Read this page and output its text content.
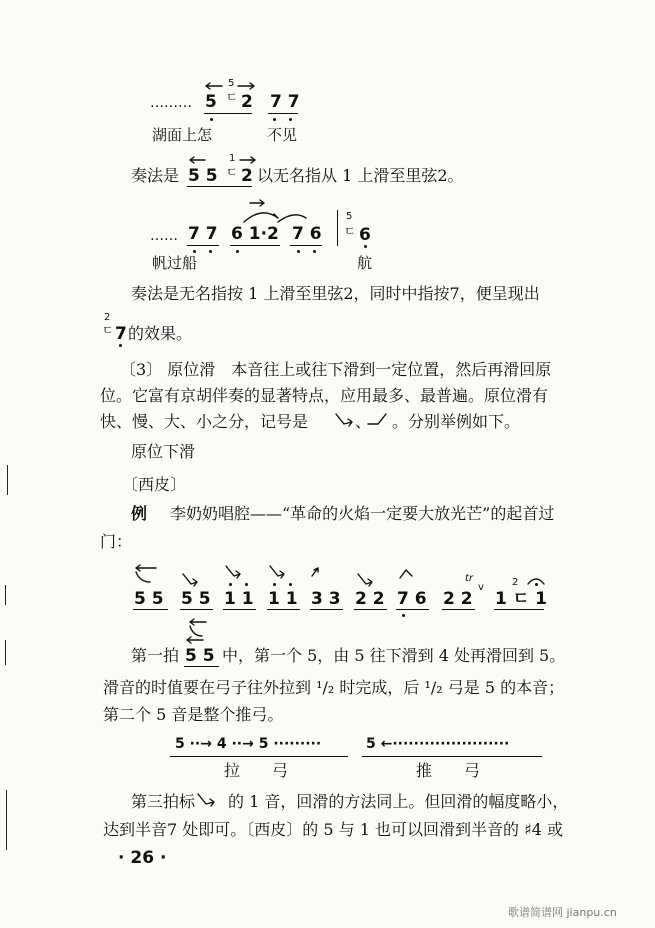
……… 5
5
ㄷ 2 7 7
湖面上怎	不见
奏法是 5 5
1
ㄷ 2 以无名指从 1 上滑至里弦2。
…… 7 7 6 1·2 7 6
5
ㄷ 6
帆过船	航
奏法是无名指按 1 上滑至里弦2，同时中指按7，便呈现出
2
ㄷ 7 的效果。
〔3〕 原位滑　本音往上或往下滑到一定位置，然后再滑回原
位。它富有京胡伴奏的显著特点，应用最多、最普遍。原位滑有
快、慢、大、小之分，记号是	、 。分别举例如下。
原位下滑
〔西皮〕
例 李奶奶唱腔——“革命的火焰一定要大放光芒”的起首过
门：
5 5 5 5 1 1 1 1 3 3 2 2 7 6 2 2 1 ㄷ 1
tr
v	2
第一拍 5 5 中，第一个 5，由 5 往下滑到 4 处再滑回到 5。
滑音的时值要在弓子往外拉到 ¹/₂ 时完成，后 ¹/₂ 弓是 5 的本音；
第二个 5 音是整个推弓。
5 ··→ 4 ··→ 5 ·········
拉　　弓
5 ←······················
推　　弓
第三拍标 的 1 音，回滑的方法同上。但回滑的幅度略小，
达到半音7 处即可。〔西皮〕的 5 与 1 也可以回滑到半音的 ♯4 或
· 26 ·
歌谱简谱网 jianpu.cn
